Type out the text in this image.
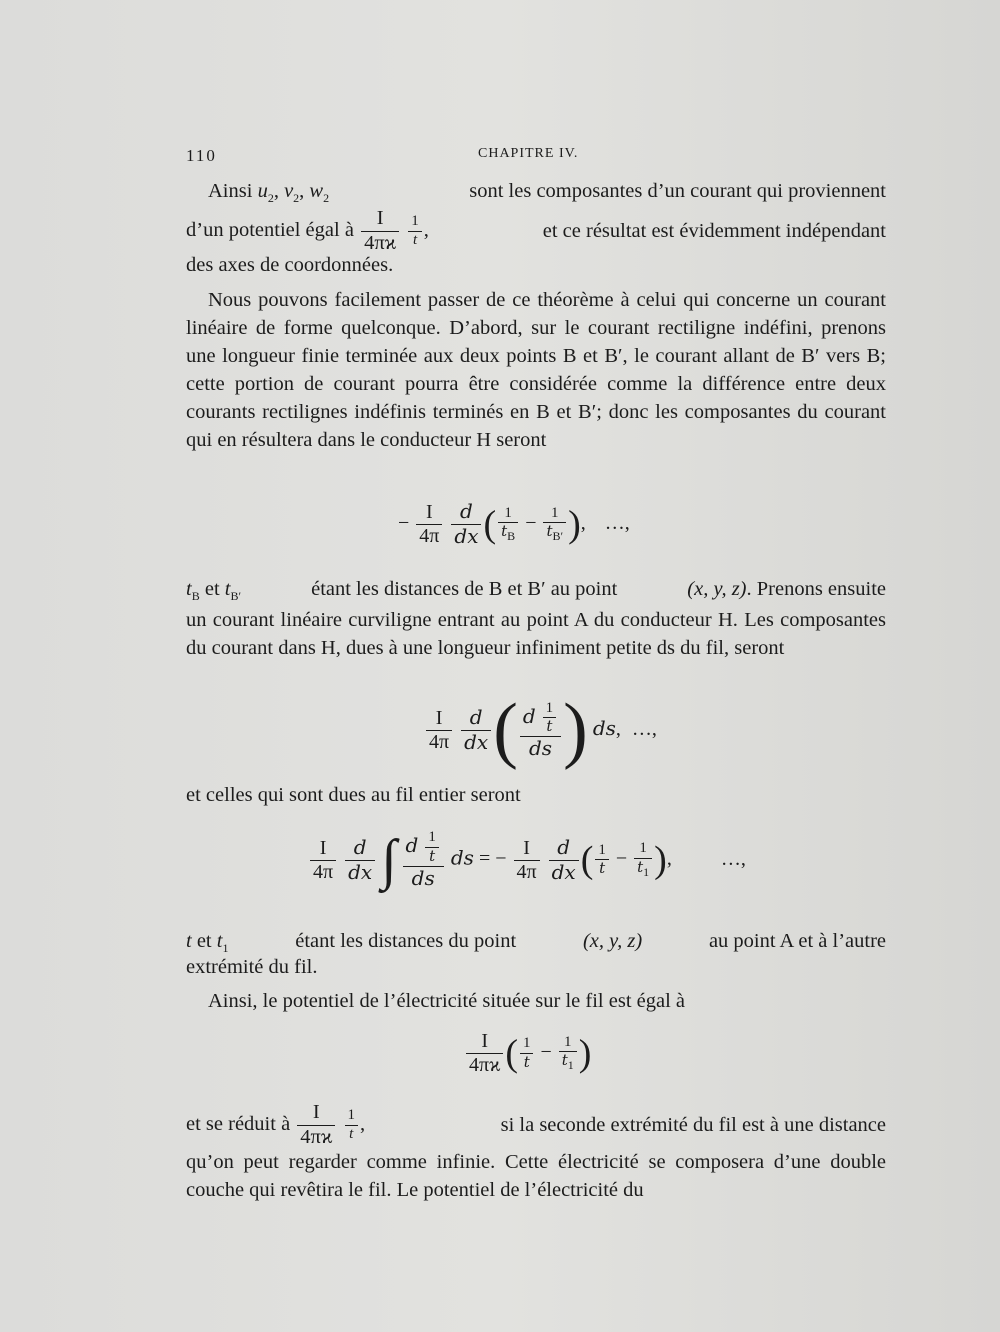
110	CHAPITRE IV.
Ainsi $u_2$, $v_2$, $w_2$	sont les composantes d’un courant qui proviennent
d’un potentiel égal à $\frac{I}{4\pi ϰ}$
$\frac{1}{t}$ ,	et ce résultat est évidemment indépendant
des axes de coordonnées.
Nous pouvons facilement passer de ce théorème à celui qui concerne un courant linéaire de forme quelconque. D’abord, sur le courant rectiligne indéfini, prenons une longueur finie terminée aux deux points B et B′, le courant allant de B′ vers B; cette portion de courant pourra être considérée comme la différence entre deux courants rectilignes indéfinis terminés en B et B′; donc les composantes du courant qui en résultera dans le conducteur H seront
− $\frac{I}{4\pi}$
$\frac{d}{dx}$ ( $\frac{1}{t_B} - \frac{1}{t_{B'}}$ ), …,
$t_B$ et $t_{B'}$	étant les distances de B et B′ au point	(x, y, z). Prenons ensuite
un courant linéaire curviligne entrant au point A du conducteur H. Les composantes du courant dans H, dues à une longueur infiniment petite ds du fil, seront
$\frac{I}{4\pi}$
$\frac{d}{dx}$ ( $\frac{d \frac{1}{t}}{ds}$ ) ds, …,
et celles qui sont dues au fil entier seront
$\frac{I}{4\pi}$
$\frac{d}{dx}$ ∫ $\frac{d \frac{1}{t}}{ds}$ ds = − $\frac{I}{4\pi}$
$\frac{d}{dx}$ ( $\frac{1}{t} - \frac{1}{t_1}$ ), …,
t et $t_1$	étant les distances du point	(x, y, z)	au point A et à l’autre
extrémité du fil.
Ainsi, le potentiel de l’électricité située sur le fil est égal à
$\frac{I}{4\pi ϰ}$ ( $\frac{1}{t} - \frac{1}{t_1}$ )
et se réduit à $\frac{I}{4\pi ϰ}$
$\frac{1}{t}$ ,	si la seconde extrémité du fil est à une distance
qu’on peut regarder comme infinie. Cette électricité se composera d’une double couche qui revêtira le fil. Le potentiel de l’électricité du
